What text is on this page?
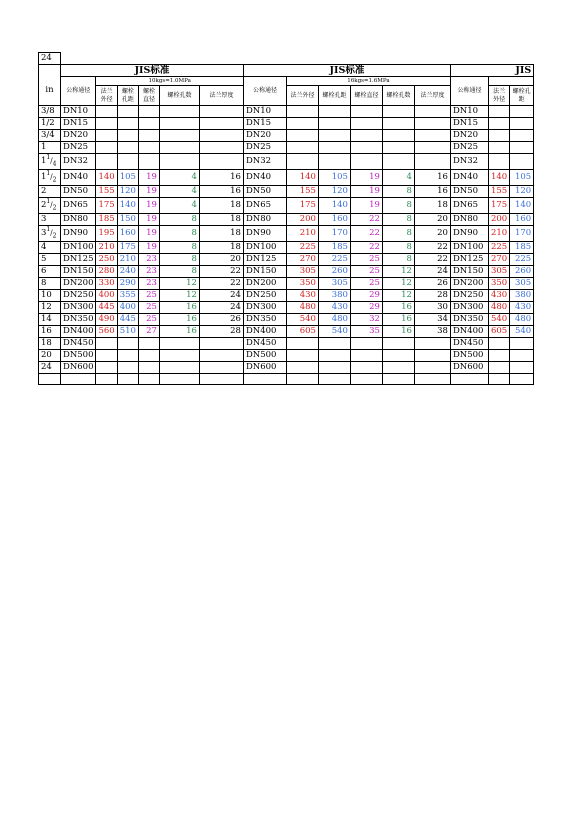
24															
	JIS标准						JIS标准						JIS		
in	公称通径	10kgs=1.0MPa					公称通径	16kgs=1.6MPa					公称通径		
		法兰外径	螺栓孔距	螺栓直径	螺栓孔数	法兰厚度		法兰外径	螺栓孔距	螺栓直径	螺栓孔数	法兰厚度		法兰外径	螺栓孔距
3/8	DN10						DN10						DN10		
1/2	DN15						DN15						DN15		
3/4	DN20						DN20						DN20		
1	DN25						DN25						DN25		
$1^1/_4$	DN32						DN32						DN32		
$1^1/_2$	DN40	140	105	19	4	16	DN40	140	105	19	4	16	DN40	140	105
2	DN50	155	120	19	4	16	DN50	155	120	19	8	16	DN50	155	120
$2^1/_2$	DN65	175	140	19	4	18	DN65	175	140	19	8	18	DN65	175	140
3	DN80	185	150	19	8	18	DN80	200	160	22	8	20	DN80	200	160
$3^1/_2$	DN90	195	160	19	8	18	DN90	210	170	22	8	20	DN90	210	170
4	DN100	210	175	19	8	18	DN100	225	185	22	8	22	DN100	225	185
5	DN125	250	210	23	8	20	DN125	270	225	25	8	22	DN125	270	225
6	DN150	280	240	23	8	22	DN150	305	260	25	12	24	DN150	305	260
8	DN200	330	290	23	12	22	DN200	350	305	25	12	26	DN200	350	305
10	DN250	400	355	25	12	24	DN250	430	380	29	12	28	DN250	430	380
12	DN300	445	400	25	16	24	DN300	480	430	29	16	30	DN300	480	430
14	DN350	490	445	25	16	26	DN350	540	480	32	16	34	DN350	540	480
16	DN400	560	510	27	16	28	DN400	605	540	35	16	38	DN400	605	540
18	DN450						DN450						DN450		
20	DN500						DN500						DN500		
24	DN600						DN600						DN600		
